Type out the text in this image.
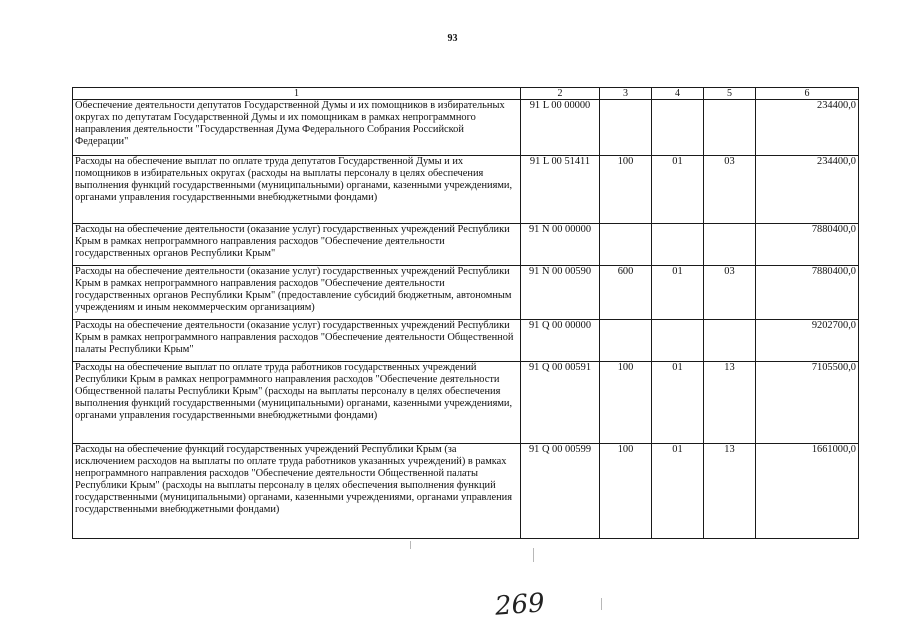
93
1	2	3	4	5	6
Обеспечение деятельности депутатов Государственной Думы и их помощников в избирательных округах по депутатам Государственной Думы и их помощникам в рамках непрограммного направления деятельности "Государственная Дума Федерального Собрания Российской Федерации"	91 L 00 00000				234400,0
Расходы на обеспечение выплат по оплате труда депутатов Государственной Думы и их помощников в избирательных округах (расходы на выплаты персоналу в целях обеспечения выполнения функций государственными (муниципальными) органами, казенными учреждениями, органами управления государственными внебюджетными фондами)	91 L 00 51411	100	01	03	234400,0
Расходы на обеспечение деятельности (оказание услуг) государственных учреждений Республики Крым в рамках непрограммного направления расходов "Обеспечение деятельности государственных органов Республики Крым"	91 N 00 00000				7880400,0
Расходы на обеспечение деятельности (оказание услуг) государственных учреждений Республики Крым в рамках непрограммного направления расходов "Обеспечение деятельности государственных органов Республики Крым" (предоставление субсидий бюджетным, автономным учреждениям и иным некоммерческим организациям)	91 N 00 00590	600	01	03	7880400,0
Расходы на обеспечение деятельности (оказание услуг) государственных учреждений Республики Крым в рамках непрограммного направления расходов "Обеспечение деятельности Общественной палаты Республики Крым"	91 Q 00 00000				9202700,0
Расходы на обеспечение выплат по оплате труда работников государственных учреждений Республики Крым в рамках непрограммного направления расходов "Обеспечение деятельности Общественной палаты Республики Крым" (расходы на выплаты персоналу в целях обеспечения выполнения функций государственными (муниципальными) органами, казенными учреждениями, органами управления государственными внебюджетными фондами)	91 Q 00 00591	100	01	13	7105500,0
Расходы на обеспечение функций государственных учреждений Республики Крым (за исключением расходов на выплаты по оплате труда работников указанных учреждений) в рамках непрограммного направления расходов "Обеспечение деятельности Общественной палаты Республики Крым" (расходы на выплаты персоналу в целях обеспечения выполнения функций государственными (муниципальными) органами, казенными учреждениями, органами управления государственными внебюджетными фондами)	91 Q 00 00599	100	01	13	1661000,0
269
